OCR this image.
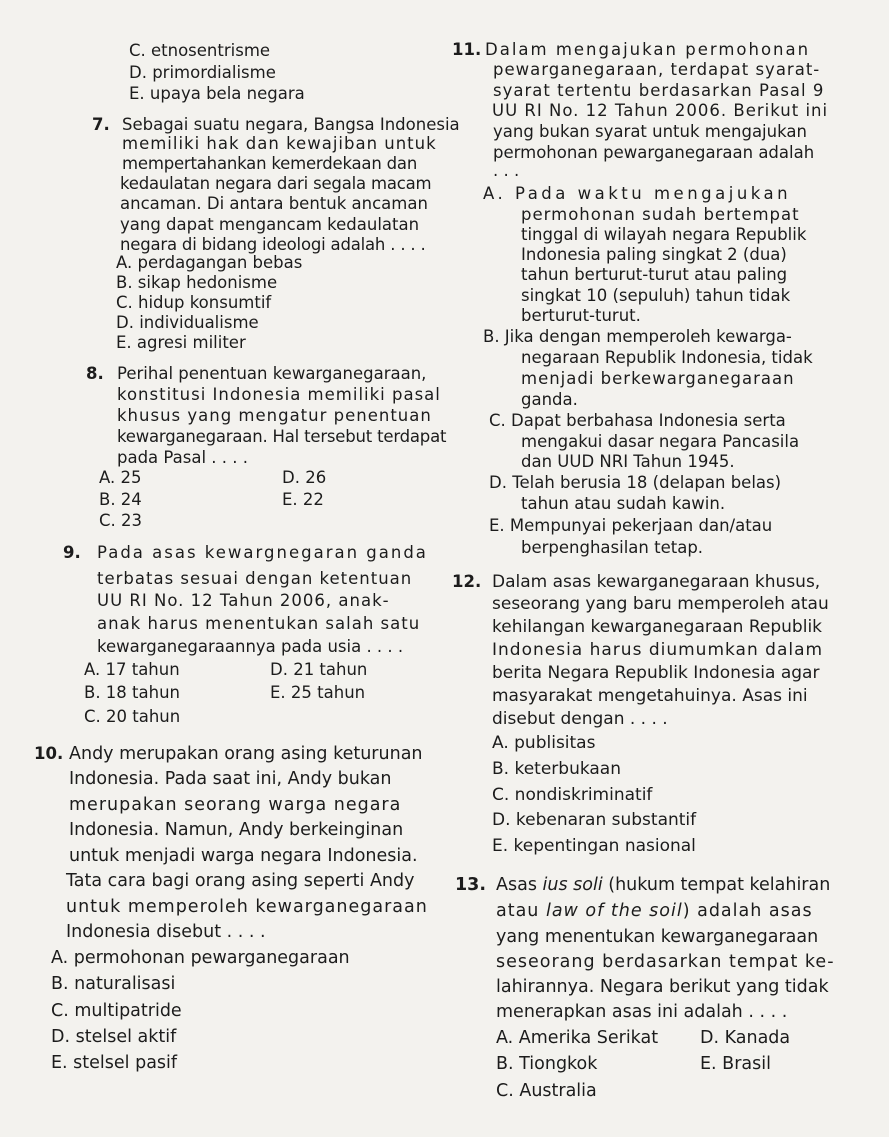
C. etnosentrisme
D. primordialisme
E. upaya bela negara
7. Sebagai suatu negara, Bangsa Indonesia
memiliki hak dan kewajiban untuk
mempertahankan kemerdekaan dan
kedaulatan negara dari segala macam
ancaman. Di antara bentuk ancaman
yang dapat mengancam kedaulatan
negara di bidang ideologi adalah . . . .
A. perdagangan bebas
B. sikap hedonisme
C. hidup konsumtif
D. individualisme
E. agresi militer
8. Perihal penentuan kewarganegaraan,
konstitusi Indonesia memiliki pasal
khusus yang mengatur penentuan
kewarganegaraan. Hal tersebut terdapat
pada Pasal . . . .
A. 25	D. 26
B. 24	E. 22
C. 23
9. Pada asas kewargnegaran ganda
terbatas sesuai dengan ketentuan
UU RI No. 12 Tahun 2006, anak-
anak harus menentukan salah satu
kewarganegaraannya pada usia . . . .
A. 17 tahun	D. 21 tahun
B. 18 tahun	E. 25 tahun
C. 20 tahun
10. Andy merupakan orang asing keturunan
Indonesia. Pada saat ini, Andy bukan
merupakan seorang warga negara
Indonesia. Namun, Andy berkeinginan
untuk menjadi warga negara Indonesia.
Tata cara bagi orang asing seperti Andy
untuk memperoleh kewarganegaraan
Indonesia disebut . . . .
A. permohonan pewarganegaraan
B. naturalisasi
C. multipatride
D. stelsel aktif
E. stelsel pasif
11. Dalam mengajukan permohonan
pewarganegaraan, terdapat syarat-
syarat tertentu berdasarkan Pasal 9
UU RI No. 12 Tahun 2006. Berikut ini
yang bukan syarat untuk mengajukan
permohonan pewarganegaraan adalah
. . .
A. Pada waktu mengajukan
permohonan sudah bertempat
tinggal di wilayah negara Republik
Indonesia paling singkat 2 (dua)
tahun berturut-turut atau paling
singkat 10 (sepuluh) tahun tidak
berturut-turut.
B. Jika dengan memperoleh kewarga-
negaraan Republik Indonesia, tidak
menjadi berkewarganegaraan
ganda.
C. Dapat berbahasa Indonesia serta
mengakui dasar negara Pancasila
dan UUD NRI Tahun 1945.
D. Telah berusia 18 (delapan belas)
tahun atau sudah kawin.
E. Mempunyai pekerjaan dan/atau
berpenghasilan tetap.
12. Dalam asas kewarganegaraan khusus,
seseorang yang baru memperoleh atau
kehilangan kewarganegaraan Republik
Indonesia harus diumumkan dalam
berita Negara Republik Indonesia agar
masyarakat mengetahuinya. Asas ini
disebut dengan . . . .
A. publisitas
B. keterbukaan
C. nondiskriminatif
D. kebenaran substantif
E. kepentingan nasional
13. Asas ius soli (hukum tempat kelahiran
atau law of the soil) adalah asas
yang menentukan kewarganegaraan
seseorang berdasarkan tempat ke-
lahirannya. Negara berikut yang tidak
menerapkan asas ini adalah . . . .
A. Amerika Serikat D. Kanada
B. Tiongkok	E. Brasil
C. Australia
